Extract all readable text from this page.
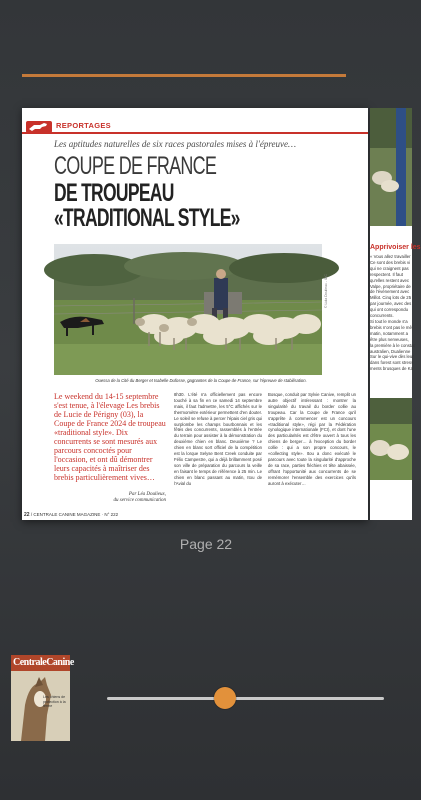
REPORTAGES
Les aptitudes naturelles de six races pastorales mises à l'épreuve…
COUPE DE FRANCE
DE TROUPEAU
«TRADITIONAL STYLE»
© Lida Doulieux - IDC
Ouessa de la Cité du Berger et Isabelle Dufosse, gagnantes de la Coupe de France, sur l'épreuve de stabilisation.
Le weekend du 14-15 septembre s'est tenue, à l'élevage Les brebis de Lucie de Périgny (03), la Coupe de France 2024 de troupeau «traditional style». Dix concurrents se sont mesurés aux parcours concoctés pour l'occasion, et ont dû démontrer leurs capacités à maîtriser des brebis particulièrement vives…
Par Léa Doulieux,
du service communication
8h30. L'été n'a officiellement pas encore touché à sa fin en ce samedi 14 septembre mais, il faut l'admettre, les 5°C affichés sur le thermomètre extérieur permettent d'en douter. Le soleil se refuse à percer l'épais ciel gris qui surplombe les champs bourbonnais et les fêtés des concurrents, rassemblés à l'entrée du terrain pour assister à la démonstration du deuxième chien en blanc. Deuxième ? Le chien en blanc sort officiel de la compétition est la lorque Selyse Bent Creek conduite par Félix Campestre, qui a déjà brillamment posé son ville de préparation du parcours la veille en faisant le temps de référence à 25 min. Le chien en blanc passant au matin, Itou de l'Avial du
Bosque, conduit par Sylvie Canive, remplit un autre objectif intéressant : montrer la singularité du travail du border collie au troupeau. Car la Coupe de France qu'il s'apprête à commencer est un concours «traditional style», régi par la Fédération cynologique internationale (FCI), et dont l'une des particularités est d'être ouvert à tous les chiens de berger… à l'exception du border collie : qui a son propre concours, le «collecting style». Itou a donc exécuté le parcours avec toute la singularité d'approche de sa race, parties fléchies et tête abaissée, offrant l'opportunité aux concurrents de se remémorer l'ensemble des exercices qu'ils auront à exécuter…
22 / CENTRALE CANINE MAGAZINE · N° 222
Apprivoiser les
« Vous allez travailler
Ce sont des brebis vi
qui ne craignent pas
respectent. Il faut
qu'elles restent avec
Valpe, propriétaire de
de l'événement avec
Millot. Cinq lots de 25
par journée, avec des
qui ont correspondu
concurrents.
Si tout le monde s'a
brebis n'ont pas le mê
matin, notamment a
être plus nerveuses,
la première à le constat
australien, Dualienne
Sur le qui-vive dès leur
dans forest sont stress
ments brusques de Ka
Page 22
CentraleCanine
Les chiens de protection à la ferme
